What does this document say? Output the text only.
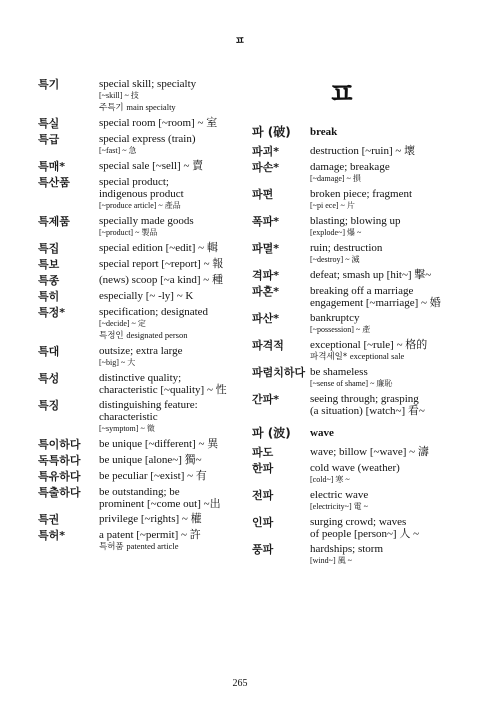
ㅍ
특기	special skill; specialty
[~skill] ~ 技
주특기 main specialty
특실	special room [~room] ~ 室
특급	special express (train)
[~fast] ~ 急
특매*	special sale [~sell] ~ 賣
특산품	special product;
indigenous product
[~produce article] ~ 產品
특제품	specially made goods
[~product] ~ 製品
특집	special edition [~edit] ~ 輯
특보	special report [~report] ~ 報
특종	(news) scoop [~a kind] ~ 種
특히	especially [~ -ly] ~ K
특정*	specification; designated
[~decide] ~ 定
특정인 designated person
특대	outsize; extra large
[~big] ~ 大
특성	distinctive quality;
characteristic [~quality] ~ 性
특징	distinguishing feature:
characteristic
[~symptom] ~ 徵
특이하다	be unique [~different] ~ 異
독특하다	be unique [alone~] 獨~
특유하다	be peculiar [~exist] ~ 有
특출하다	be outstanding; be
prominent [~come out] ~出
특권	privilege [~rights] ~ 權
특허*	a patent [~permit] ~ 許
특허품 patented article
ㅍ
파 (破)	break
파괴*	destruction [~ruin] ~ 壞
파손*	damage; breakage
[~damage] ~ 損
파편	broken piece; fragment
[~pi ece] ~ 片
폭파*	blasting; blowing up
[explode~] 爆 ~
파멸*	ruin; destruction
[~destroy] ~ 滅
격파*	defeat; smash up [hit~] 擊~
파혼*	breaking off a marriage
engagement [~marriage] ~ 婚
파산*	bankruptcy
[~possession] ~ 產
파격적	exceptional [~rule] ~ 格的
파격세일* exceptional sale
파렴치하다 be shameless
[~sense of shame] ~ 廉恥
간파*	seeing through; grasping
(a situation) [watch~] 看~
파 (波)	wave
파도	wave; billow [~wave] ~ 濤
한파	cold wave (weather)
[cold~] 寒 ~
전파	electric wave
[electricity~] 電 ~
인파	surging crowd; waves
of people [person~] 人 ~
풍파	hardships; storm
[wind~] 風 ~
265
